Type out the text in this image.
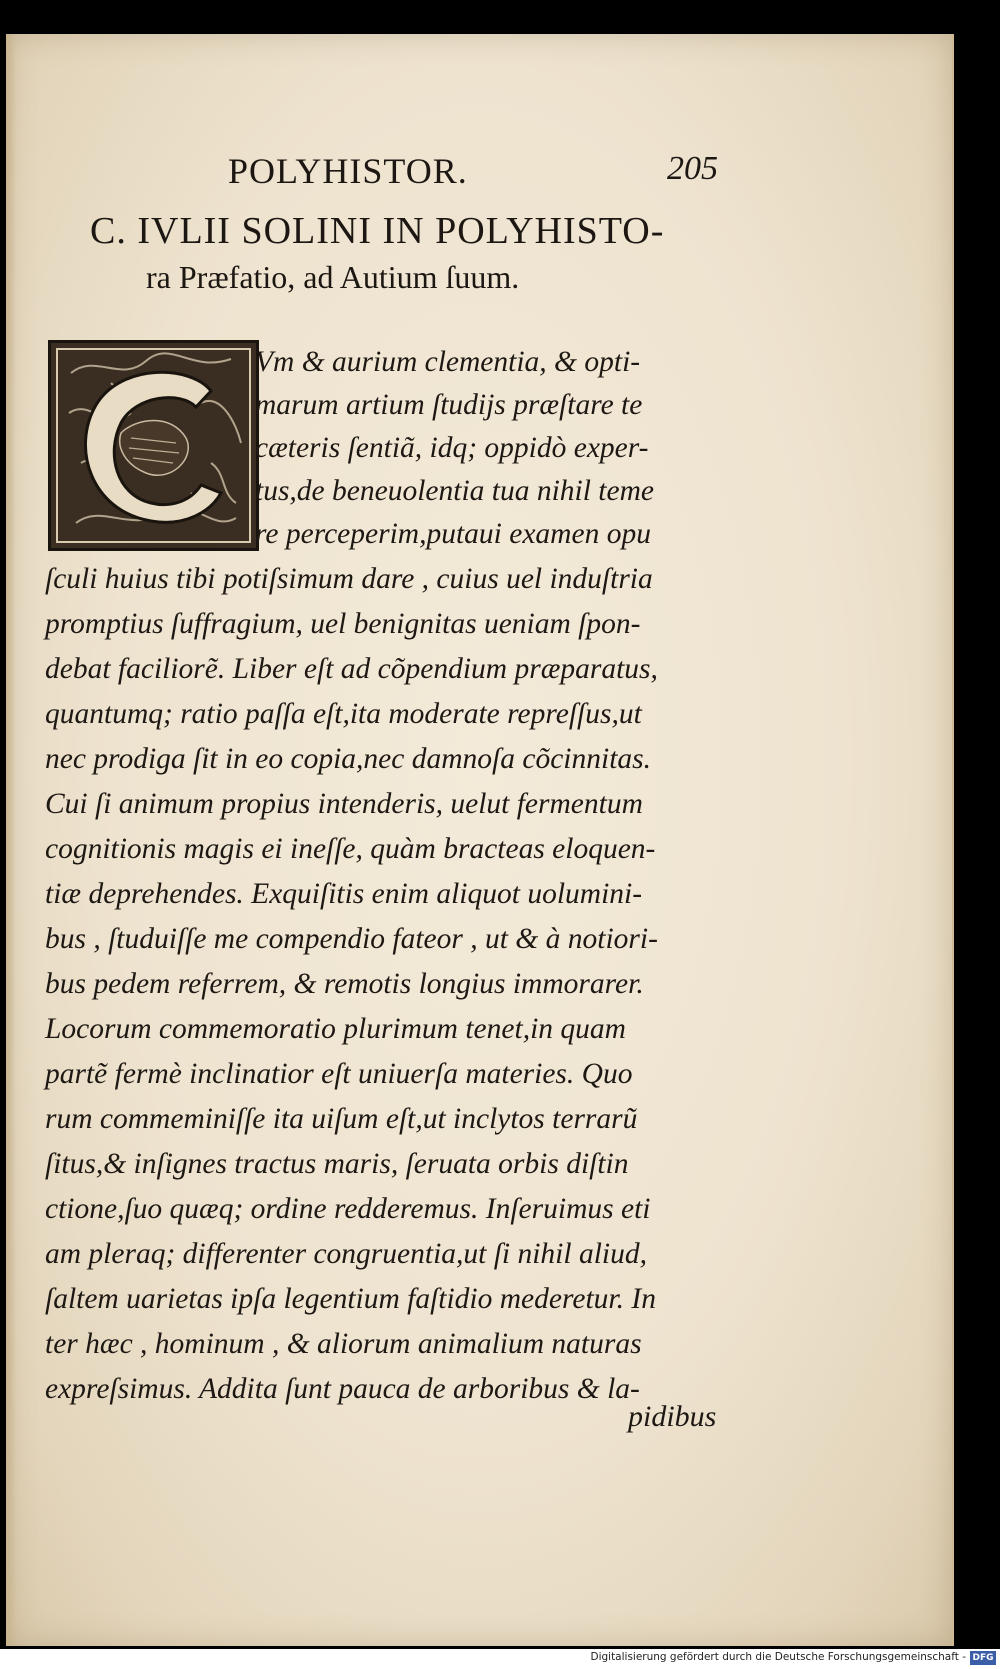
POLYHISTOR.	205
C. IVLII SOLINI IN POLYHISTO-
ra Præfatio, ad Autium ſuum.
Vm & aurium clementia, & opti-
marum artium ſtudijs præſtare te
cæteris ſentiã, idq; oppidò exper-
tus,de beneuolentia tua nihil teme
re perceperim,putaui examen opu
ſculi huius tibi potiſsimum dare , cuius uel induſtria
promptius ſuffragium, uel benignitas ueniam ſpon-
debat faciliorẽ. Liber eſt ad cõpendium præparatus,
quantumq; ratio paſſa eſt,ita moderate repreſſus,ut
nec prodiga ſit in eo copia,nec damnoſa cõcinnitas.
Cui ſi animum propius intenderis, uelut fermentum
cognitionis magis ei ineſſe, quàm bracteas eloquen-
tiæ deprehendes. Exquiſitis enim aliquot uolumini-
bus , ſtuduiſſe me compendio fateor , ut & à notiori-
bus pedem referrem, & remotis longius immorarer.
Locorum commemoratio plurimum tenet,in quam
partẽ fermè inclinatior eſt uniuerſa materies. Quo
rum commeminiſſe ita uiſum eſt,ut inclytos terrarũ
ſitus,& inſignes tractus maris, ſeruata orbis diſtin
ctione,ſuo quæq; ordine redderemus. Inſeruimus eti
am pleraq; differenter congruentia,ut ſi nihil aliud,
ſaltem uarietas ipſa legentium faſtidio mederetur. In
ter hæc , hominum , & aliorum animalium naturas
expreſsimus. Addita ſunt pauca de arboribus & la-
pidibus
Digitalisierung gefördert durch die Deutsche Forschungsgemeinschaft - DFG
